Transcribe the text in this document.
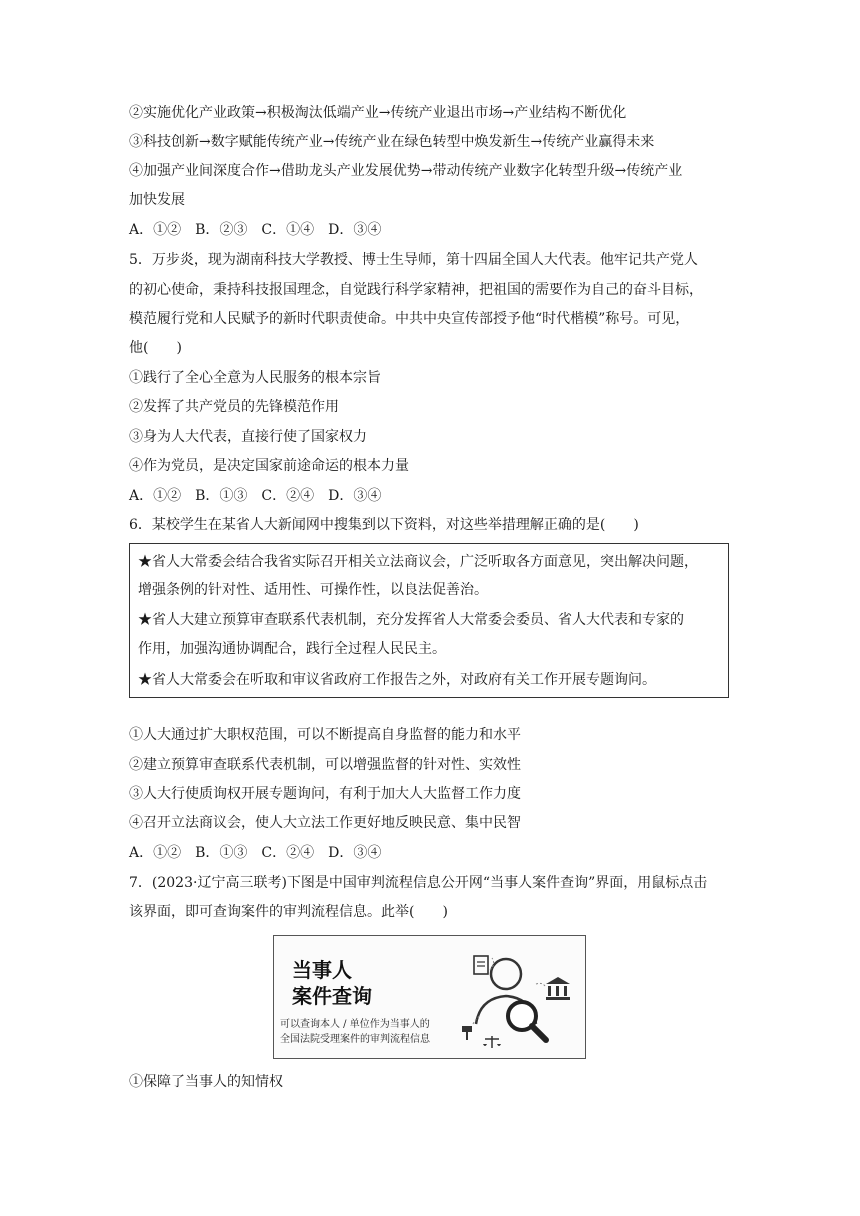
②实施优化产业政策→积极淘汰低端产业→传统产业退出市场→产业结构不断优化
③科技创新→数字赋能传统产业→传统产业在绿色转型中焕发新生→传统产业赢得未来
④加强产业间深度合作→借助龙头产业发展优势→带动传统产业数字化转型升级→传统产业
加快发展
A．①②　B．②③　C．①④　D．③④
5．万步炎，现为湖南科技大学教授、博士生导师，第十四届全国人大代表。他牢记共产党人
的初心使命，秉持科技报国理念，自觉践行科学家精神，把祖国的需要作为自己的奋斗目标，
模范履行党和人民赋予的新时代职责使命。中共中央宣传部授予他“时代楷模”称号。可见，
他(　　)
①践行了全心全意为人民服务的根本宗旨
②发挥了共产党员的先锋模范作用
③身为人大代表，直接行使了国家权力
④作为党员，是决定国家前途命运的根本力量
A．①②　B．①③　C．②④　D．③④
6．某校学生在某省人大新闻网中搜集到以下资料，对这些举措理解正确的是(　　)
★省人大常委会结合我省实际召开相关立法商议会，广泛听取各方面意见，突出解决问题，
增强条例的针对性、适用性、可操作性，以良法促善治。
★省人大建立预算审查联系代表机制，充分发挥省人大常委会委员、省人大代表和专家的
作用，加强沟通协调配合，践行全过程人民民主。
★省人大常委会在听取和审议省政府工作报告之外，对政府有关工作开展专题询问。
①人大通过扩大职权范围，可以不断提高自身监督的能力和水平
②建立预算审查联系代表机制，可以增强监督的针对性、实效性
③人大行使质询权开展专题询问，有利于加大人大监督工作力度
④召开立法商议会，使人大立法工作更好地反映民意、集中民智
A．①②　B．①③　C．②④　D．③④
7．(2023·辽宁高三联考)下图是中国审判流程信息公开网“当事人案件查询”界面，用鼠标点击
该界面，即可查询案件的审判流程信息。此举(　　)
当事人
案件查询
可以查询本人 / 单位作为当事人的
全国法院受理案件的审判流程信息
①保障了当事人的知情权
